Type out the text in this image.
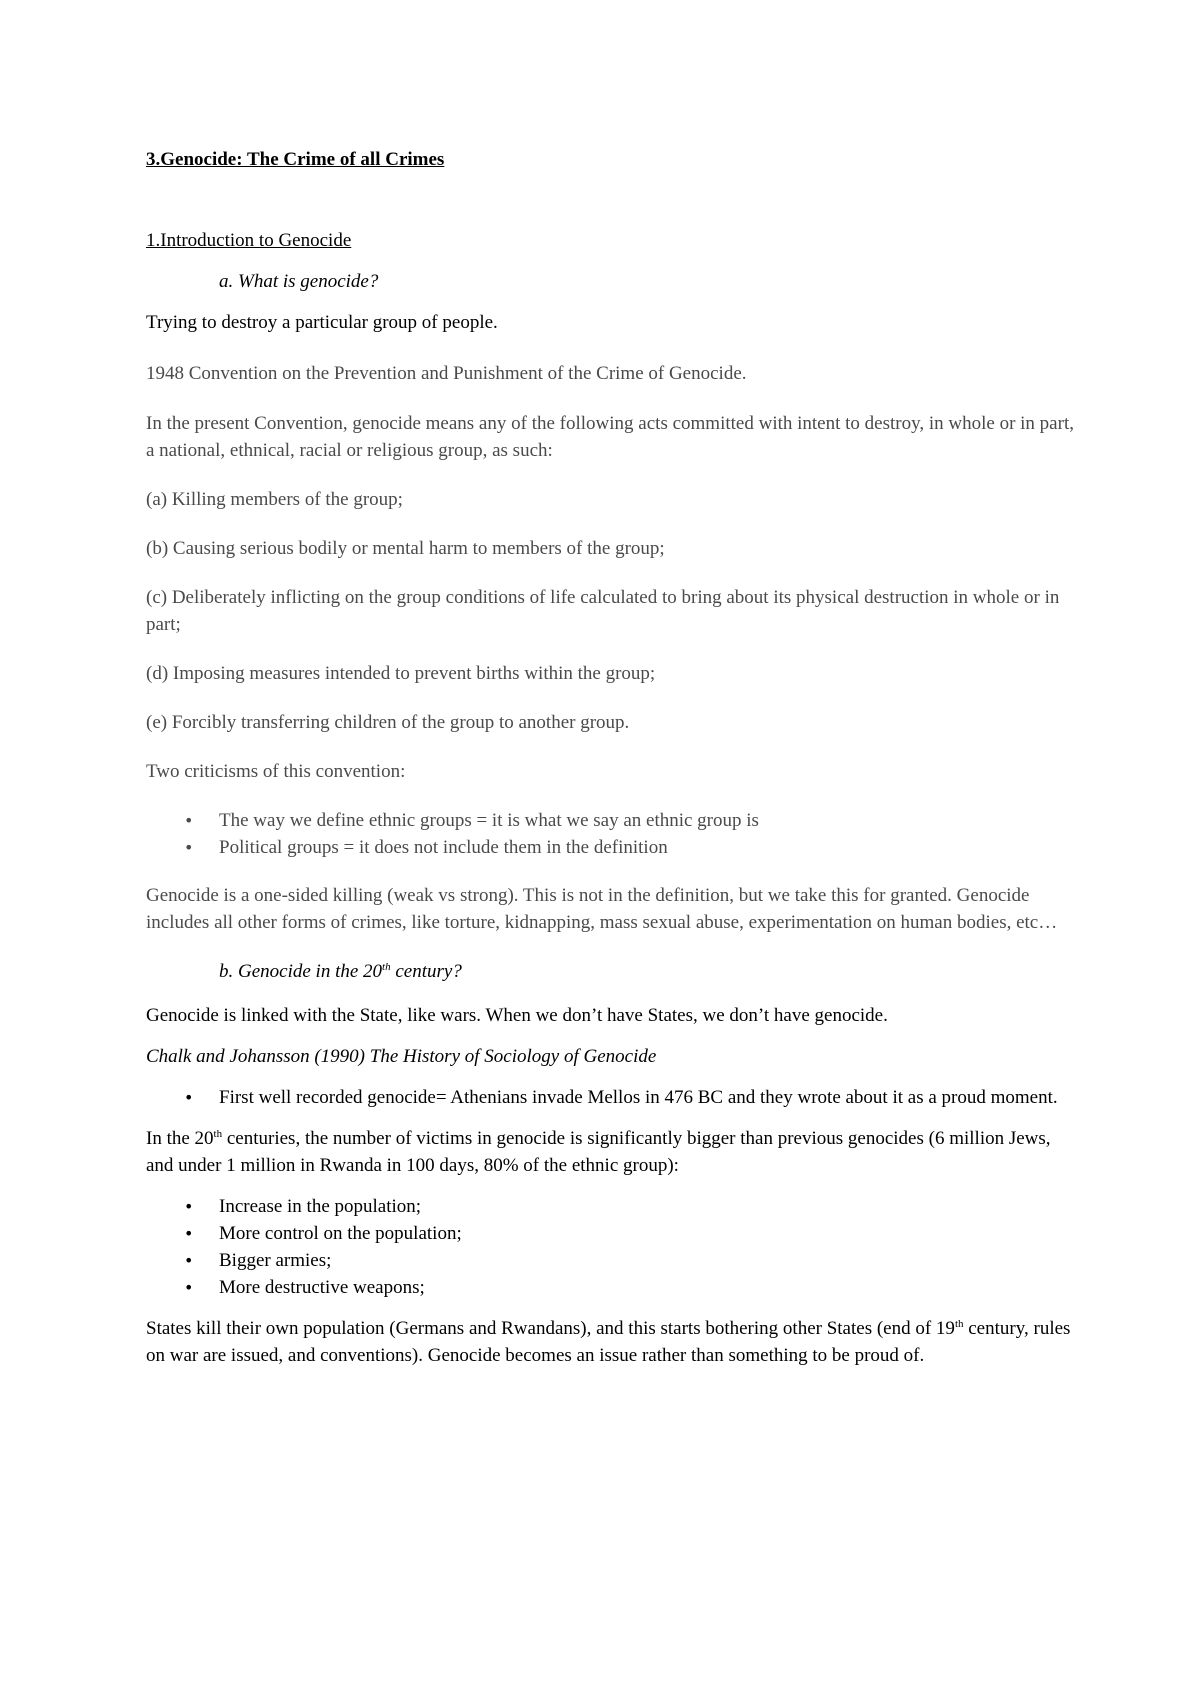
3.Genocide: The Crime of all Crimes

1.Introduction to Genocide

a. What is genocide?

Trying to destroy a particular group of people.

1948 Convention on the Prevention and Punishment of the Crime of Genocide.

In the present Convention, genocide means any of the following acts committed with intent to destroy, in whole or in part, a national, ethnical, racial or religious group, as such:

(a) Killing members of the group;

(b) Causing serious bodily or mental harm to members of the group;

(c) Deliberately inflicting on the group conditions of life calculated to bring about its physical destruction in whole or in part;

(d) Imposing measures intended to prevent births within the group;

(e) Forcibly transferring children of the group to another group.

Two criticisms of this convention:

• The way we define ethnic groups = it is what we say an ethnic group is
• Political groups = it does not include them in the definition

Genocide is a one-sided killing (weak vs strong). This is not in the definition, but we take this for granted. Genocide includes all other forms of crimes, like torture, kidnapping, mass sexual abuse, experimentation on human bodies, etc…

b. Genocide in the 20th century?

Genocide is linked with the State, like wars. When we don’t have States, we don’t have genocide.

Chalk and Johansson (1990) The History of Sociology of Genocide

• First well recorded genocide= Athenians invade Mellos in 476 BC and they wrote about it as a proud moment.

In the 20th centuries, the number of victims in genocide is significantly bigger than previous genocides (6 million Jews, and under 1 million in Rwanda in 100 days, 80% of the ethnic group):

• Increase in the population;
• More control on the population;
• Bigger armies;
• More destructive weapons;

States kill their own population (Germans and Rwandans), and this starts bothering other States (end of 19th century, rules on war are issued, and conventions). Genocide becomes an issue rather than something to be proud of.
